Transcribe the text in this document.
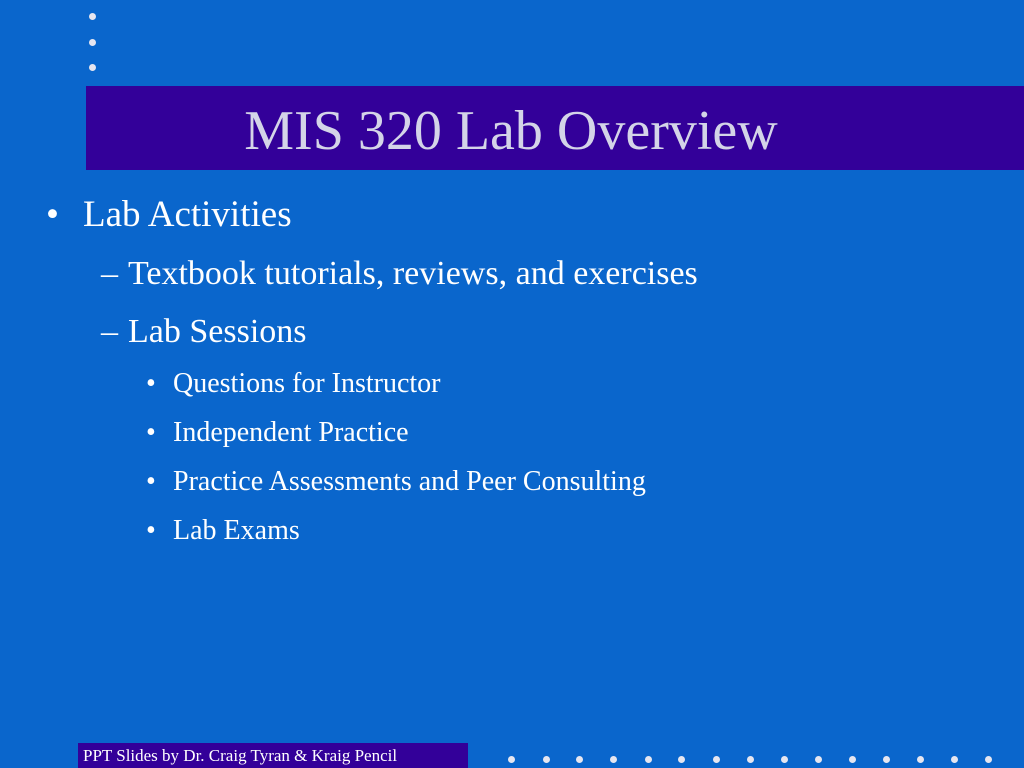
MIS 320 Lab Overview
• Lab Activities
– Textbook tutorials, reviews, and exercises
– Lab Sessions
• Questions for Instructor
• Independent Practice
• Practice Assessments and Peer Consulting
• Lab Exams
PPT Slides by Dr. Craig Tyran & Kraig Pencil
